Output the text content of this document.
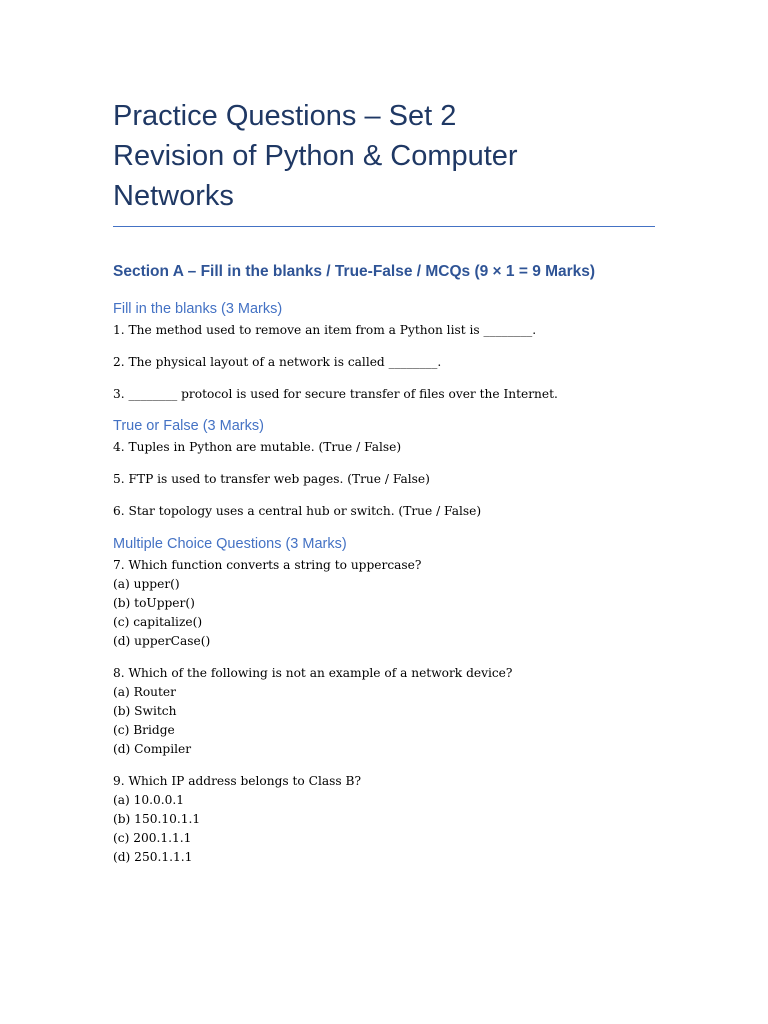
Practice Questions – Set 2
Revision of Python & Computer
Networks
Section A – Fill in the blanks / True-False / MCQs (9 × 1 = 9 Marks)
Fill in the blanks (3 Marks)
1. The method used to remove an item from a Python list is ________.
2. The physical layout of a network is called ________.
3. ________ protocol is used for secure transfer of files over the Internet.
True or False (3 Marks)
4. Tuples in Python are mutable. (True / False)
5. FTP is used to transfer web pages. (True / False)
6. Star topology uses a central hub or switch. (True / False)
Multiple Choice Questions (3 Marks)
7. Which function converts a string to uppercase?
(a) upper()
(b) toUpper()
(c) capitalize()
(d) upperCase()
8. Which of the following is not an example of a network device?
(a) Router
(b) Switch
(c) Bridge
(d) Compiler
9. Which IP address belongs to Class B?
(a) 10.0.0.1
(b) 150.10.1.1
(c) 200.1.1.1
(d) 250.1.1.1
